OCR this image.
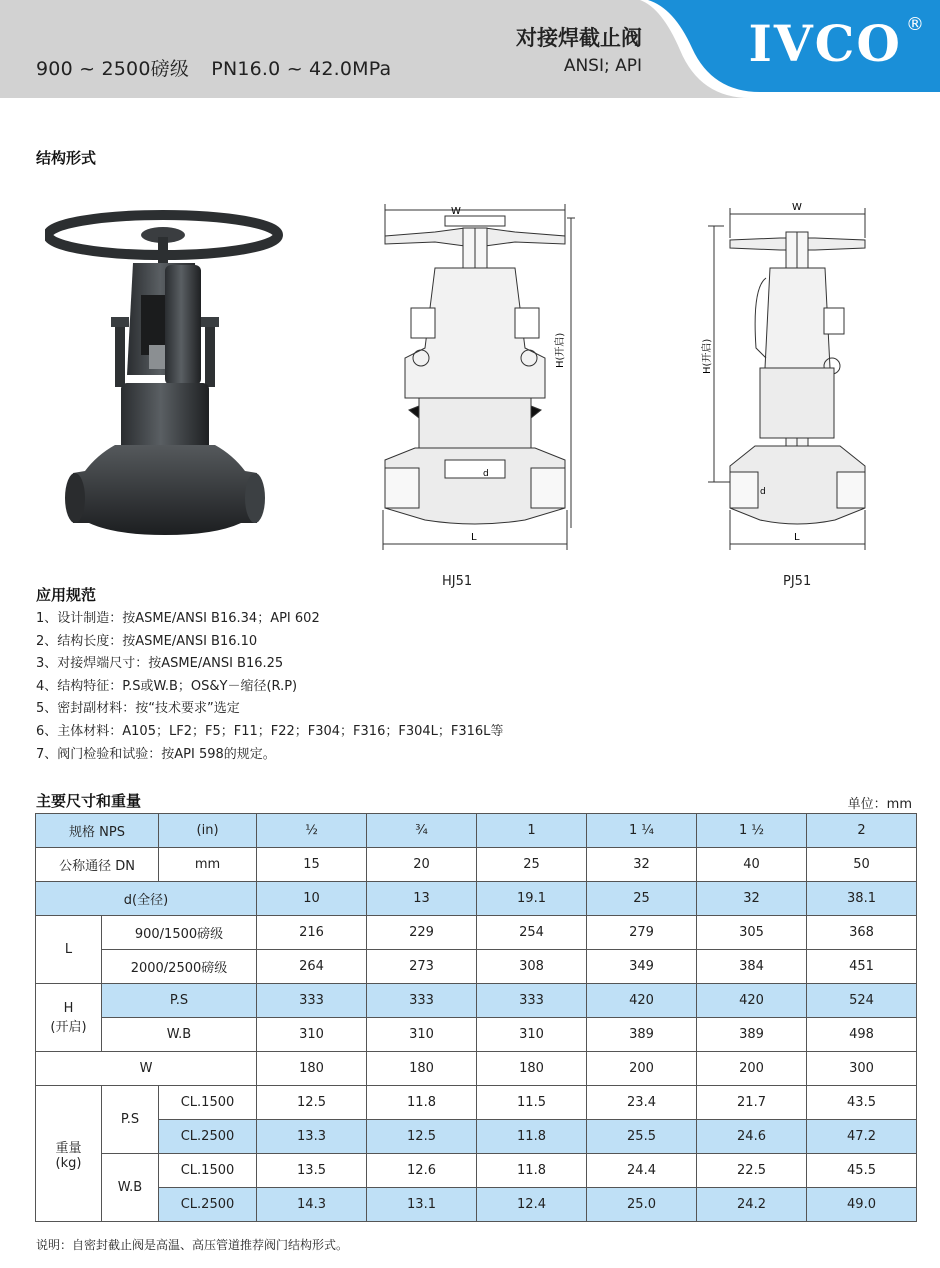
900 ~ 2500磅级 PN16.0 ~ 42.0MPa
对接焊截止阀
ANSI; API IVCO ®
结构形式
W
L
d
H(开启)
HJ51
W
L
d
H(开启)
PJ51
应用规范
1、设计制造：按ASME/ANSI B16.34；API 602
2、结构长度：按ASME/ANSI B16.10
3、对接焊端尺寸：按ASME/ANSI B16.25
4、结构特征：P.S或W.B；OS&Y－缩径(R.P)
5、密封副材料：按“技术要求”选定
6、主体材料：A105；LF2；F5；F11；F22；F304；F316；F304L；F316L等
7、阀门检验和试验：按API 598的规定。
主要尺寸和重量	单位：mm
规格 NPS		(in)	½	¾	1	1 ¼	1 ½	2
公称通径 DN		mm	15	20	25	32	40	50
d(全径)			10	13	19.1	25	32	38.1
L	900/1500磅级		216	229	254	279	305	368
	2000/2500磅级		264	273	308	349	384	451

H
(开启)	P.S		333	333	333	420	420	524
	W.B		310	310	310	389	389	498
W			180	180	180	200	200	300

重量
(kg)	P.S	CL.1500	12.5	11.8	11.5	23.4	21.7	43.5
		CL.2500	13.3	12.5	11.8	25.5	24.6	47.2
	W.B	CL.1500	13.5	12.6	11.8	24.4	22.5	45.5
		CL.2500	14.3	13.1	12.4	25.0	24.2	49.0
说明：自密封截止阀是高温、高压管道推荐阀门结构形式。
